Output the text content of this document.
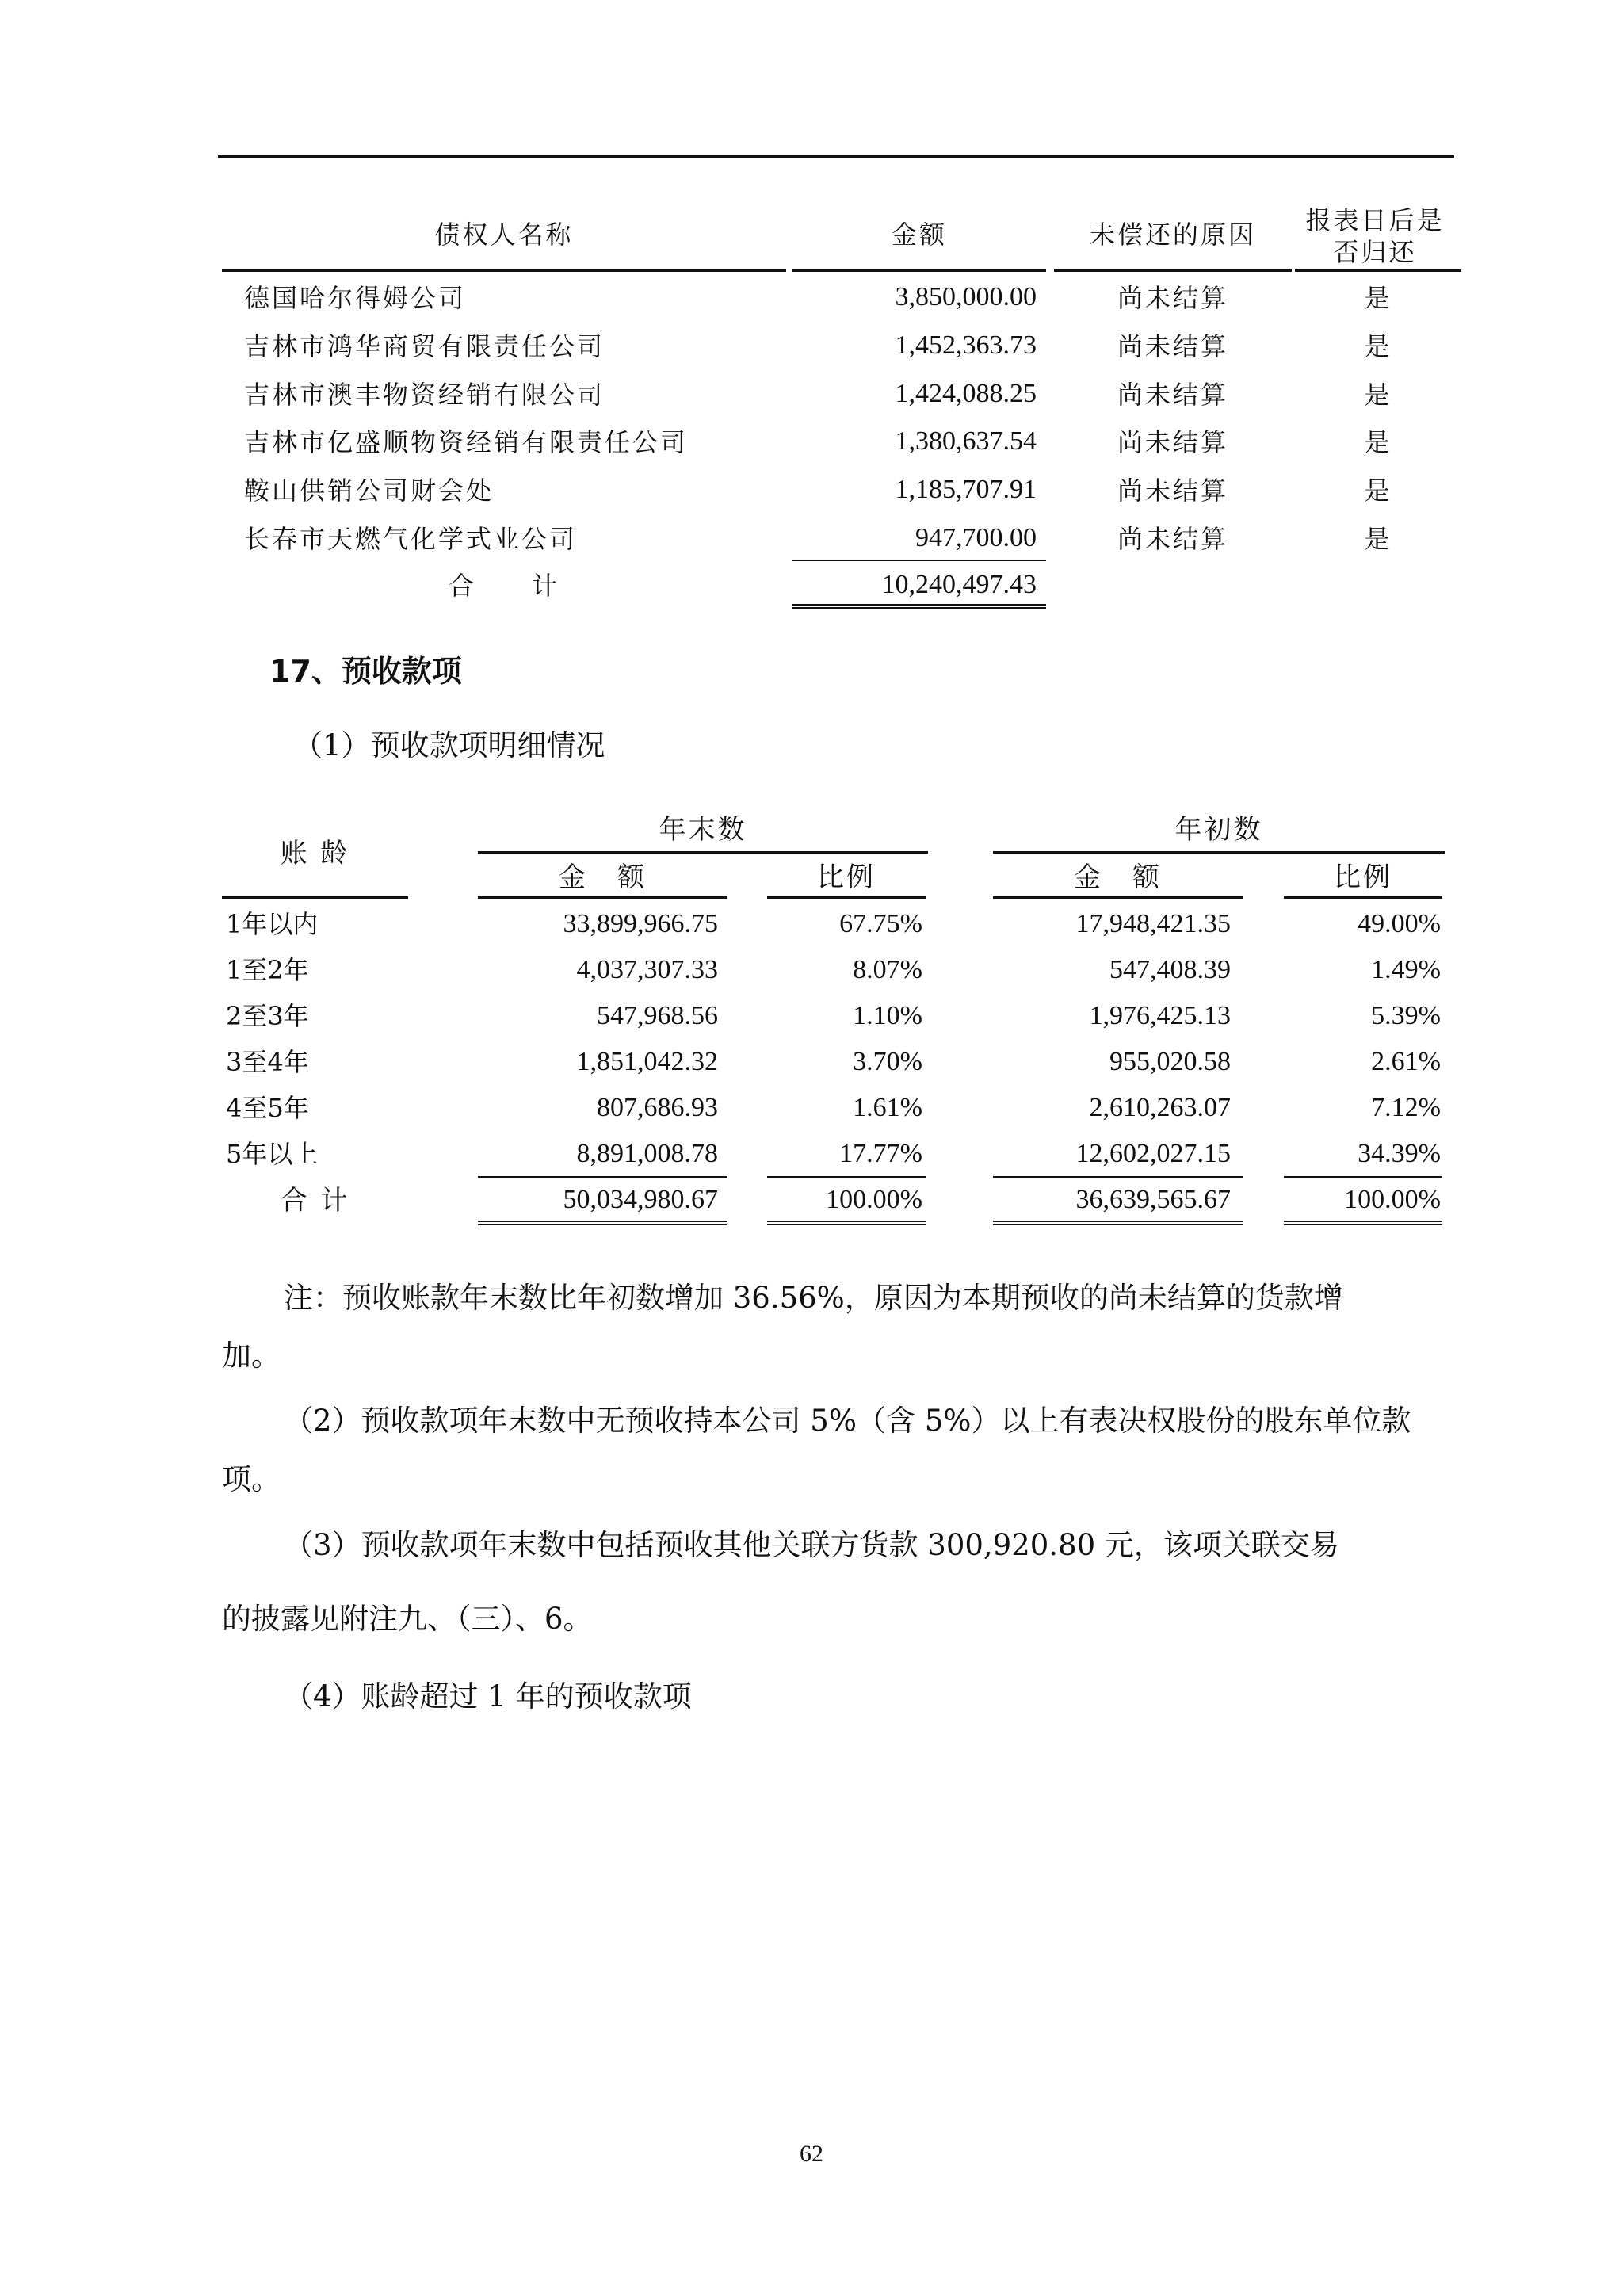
债权人名称	金额	未偿还的原因	报表日后是
否归还
德国哈尔得姆公司	3,850,000.00	尚未结算	是
吉林市鸿华商贸有限责任公司	1,452,363.73	尚未结算	是
吉林市澳丰物资经销有限公司	1,424,088.25	尚未结算	是
吉林市亿盛顺物资经销有限责任公司	1,380,637.54	尚未结算	是
鞍山供销公司财会处	1,185,707.91	尚未结算	是
长春市天燃气化学式业公司	947,700.00	尚未结算	是
合　　计	10,240,497.43
17、预收款项
（1）预收款项明细情况
账 龄
年末数	年初数
金　额	比例	金　额	比例
1年以内	33,899,966.75	67.75%	17,948,421.35	49.00%
1至2年	4,037,307.33	8.07%	547,408.39	1.49%
2至3年	547,968.56	1.10%	1,976,425.13	5.39%
3至4年	1,851,042.32	3.70%	955,020.58	2.61%
4至5年	807,686.93	1.61%	2,610,263.07	7.12%
5年以上	8,891,008.78	17.77%	12,602,027.15	34.39%
合 计	50,034,980.67	100.00%	36,639,565.67	100.00%
注：预收账款年末数比年初数增加 36.56%，原因为本期预收的尚未结算的货款增
加。
（2）预收款项年末数中无预收持本公司 5%（含 5%）以上有表决权股份的股东单位款
项。
（3）预收款项年末数中包括预收其他关联方货款 300,920.80 元，该项关联交易
的披露见附注九、（三）、6。
（4）账龄超过 1 年的预收款项
62
